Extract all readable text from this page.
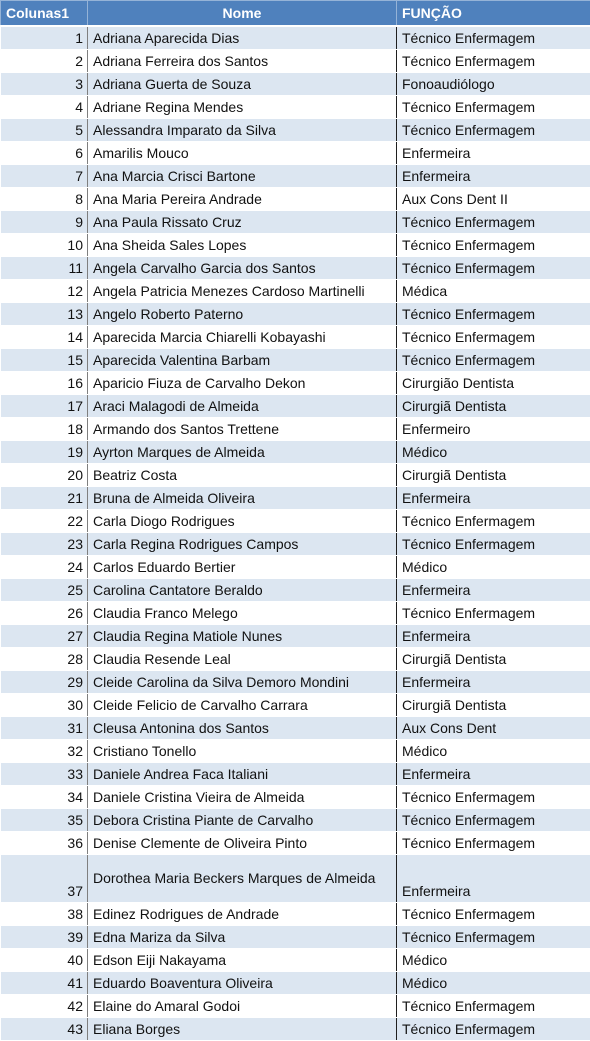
Colunas1	Nome	FUNÇÃO
1	Adriana Aparecida Dias	Técnico Enfermagem
2	Adriana Ferreira dos Santos	Técnico Enfermagem
3	Adriana Guerta de Souza	Fonoaudiólogo
4	Adriane Regina Mendes	Técnico Enfermagem
5	Alessandra Imparato da Silva	Técnico Enfermagem
6	Amarilis Mouco	Enfermeira
7	Ana Marcia Crisci Bartone	Enfermeira
8	Ana Maria Pereira Andrade	Aux Cons Dent II
9	Ana Paula Rissato Cruz	Técnico Enfermagem
10	Ana Sheida Sales Lopes	Técnico Enfermagem
11	Angela Carvalho Garcia dos Santos	Técnico Enfermagem
12	Angela Patricia Menezes Cardoso Martinelli	Médica
13	Angelo Roberto Paterno	Técnico Enfermagem
14	Aparecida Marcia Chiarelli Kobayashi	Técnico Enfermagem
15	Aparecida Valentina Barbam	Técnico Enfermagem
16	Aparicio Fiuza de Carvalho Dekon	Cirurgião Dentista
17	Araci Malagodi de Almeida	Cirurgiã Dentista
18	Armando dos Santos Trettene	Enfermeiro
19	Ayrton Marques de Almeida	Médico
20	Beatriz Costa	Cirurgiã Dentista
21	Bruna de Almeida Oliveira	Enfermeira
22	Carla Diogo Rodrigues	Técnico Enfermagem
23	Carla Regina Rodrigues Campos	Técnico Enfermagem
24	Carlos Eduardo Bertier	Médico
25	Carolina Cantatore Beraldo	Enfermeira
26	Claudia Franco Melego	Técnico Enfermagem
27	Claudia Regina Matiole Nunes	Enfermeira
28	Claudia Resende Leal	Cirurgiã Dentista
29	Cleide Carolina da Silva Demoro Mondini	Enfermeira
30	Cleide Felicio de Carvalho Carrara	Cirurgiã Dentista
31	Cleusa Antonina dos Santos	Aux Cons Dent
32	Cristiano Tonello	Médico
33	Daniele Andrea Faca Italiani	Enfermeira
34	Daniele Cristina Vieira de Almeida	Técnico Enfermagem
35	Debora Cristina Piante de Carvalho	Técnico Enfermagem
36	Denise Clemente de Oliveira Pinto	Técnico Enfermagem
37	Dorothea Maria Beckers Marques de Almeida	Enfermeira
38	Edinez Rodrigues de Andrade	Técnico Enfermagem
39	Edna Mariza da Silva	Técnico Enfermagem
40	Edson Eiji Nakayama	Médico
41	Eduardo Boaventura Oliveira	Médico
42	Elaine do Amaral Godoi	Técnico Enfermagem
43	Eliana Borges	Técnico Enfermagem
